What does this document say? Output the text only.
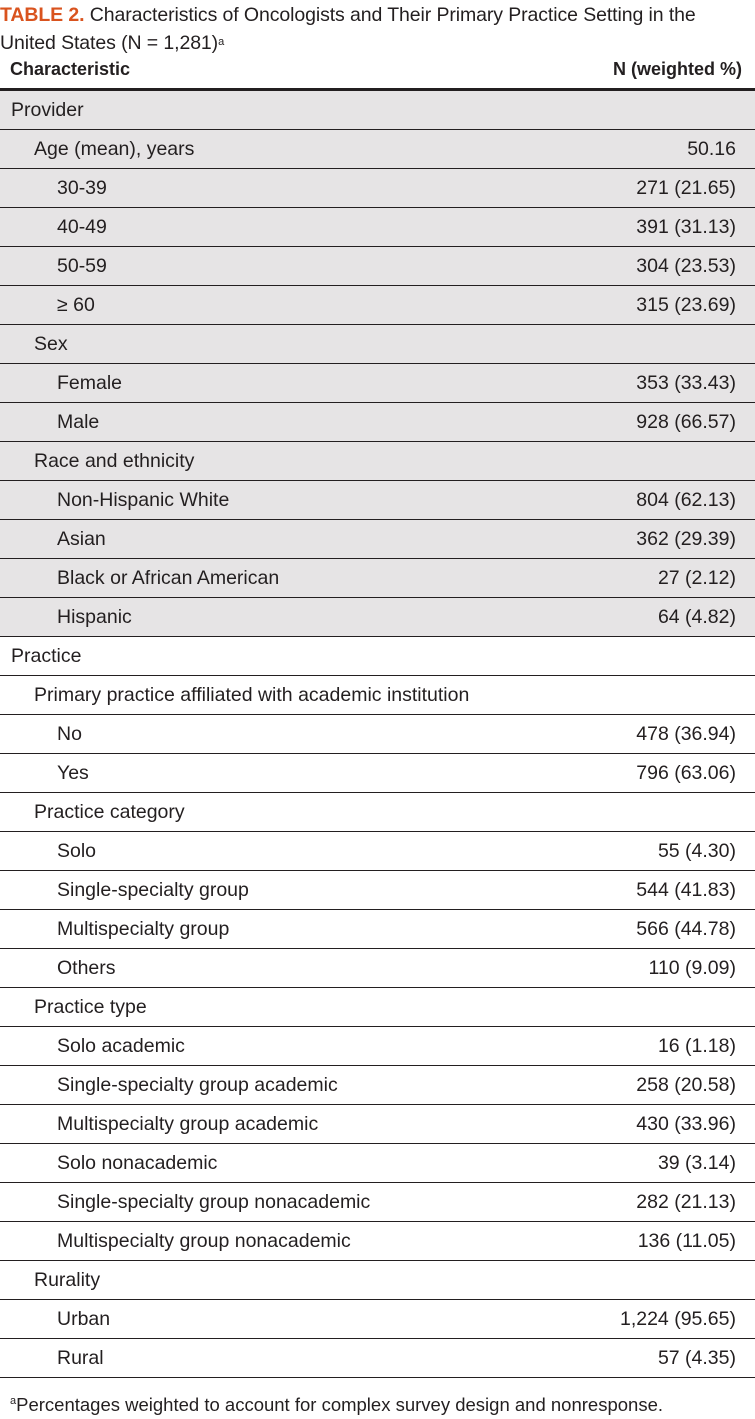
TABLE 2. Characteristics of Oncologists and Their Primary Practice Setting in the United States (N = 1,281)$^a$
Characteristic	N (weighted %)
Provider
Age (mean), years	50.16
30-39	271 (21.65)
40-49	391 (31.13)
50-59	304 (23.53)
≥ 60	315 (23.69)
Sex
Female	353 (33.43)
Male	928 (66.57)
Race and ethnicity
Non-Hispanic White	804 (62.13)
Asian	362 (29.39)
Black or African American	27 (2.12)
Hispanic	64 (4.82)
Practice
Primary practice affiliated with academic institution
No	478 (36.94)
Yes	796 (63.06)
Practice category
Solo	55 (4.30)
Single-specialty group	544 (41.83)
Multispecialty group	566 (44.78)
Others	110 (9.09)
Practice type
Solo academic	16 (1.18)
Single-specialty group academic	258 (20.58)
Multispecialty group academic	430 (33.96)
Solo nonacademic	39 (3.14)
Single-specialty group nonacademic	282 (21.13)
Multispecialty group nonacademic	136 (11.05)
Rurality
Urban	1,224 (95.65)
Rural	57 (4.35)
$^a$Percentages weighted to account for complex survey design and nonresponse.
